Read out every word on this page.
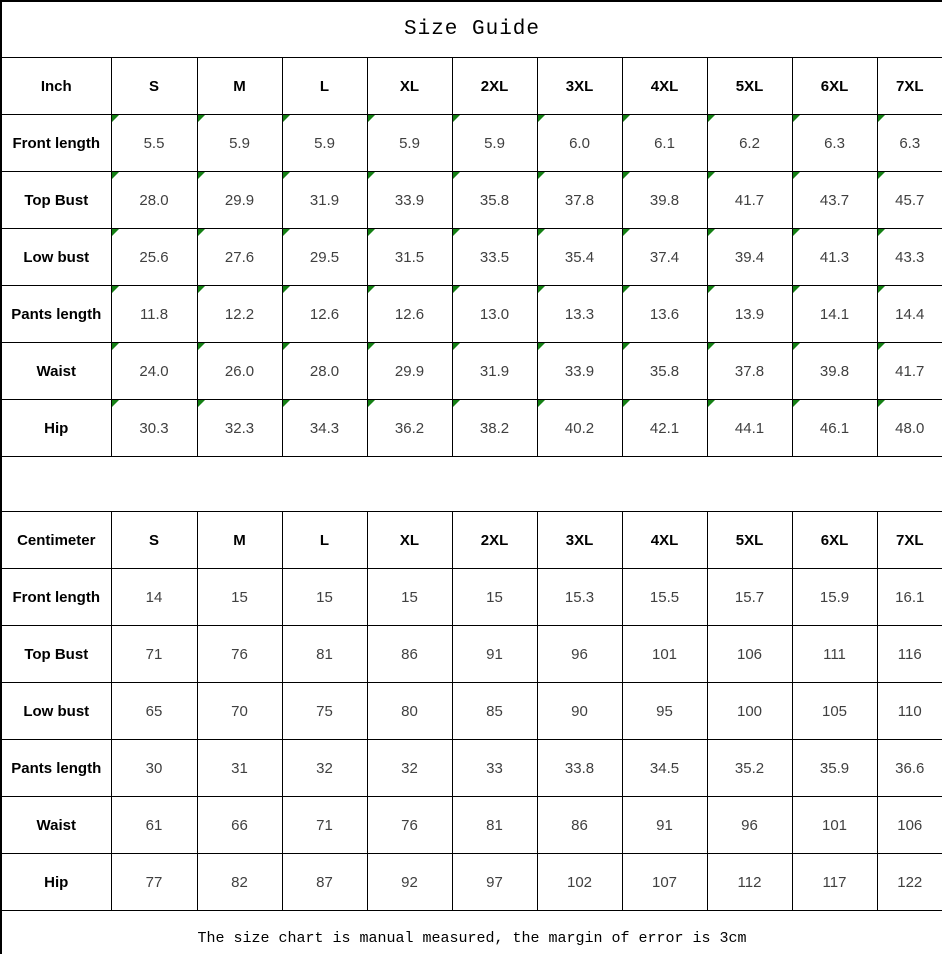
Size Guide										
Inch	S	M	L	XL	2XL	3XL	4XL	5XL	6XL	7XL
Front length	5.5	5.9	5.9	5.9	5.9	6.0	6.1	6.2	6.3	6.3
Top Bust	28.0	29.9	31.9	33.9	35.8	37.8	39.8	41.7	43.7	45.7
Low bust	25.6	27.6	29.5	31.5	33.5	35.4	37.4	39.4	41.3	43.3
Pants length	11.8	12.2	12.6	12.6	13.0	13.3	13.6	13.9	14.1	14.4
Waist	24.0	26.0	28.0	29.9	31.9	33.9	35.8	37.8	39.8	41.7
Hip	30.3	32.3	34.3	36.2	38.2	40.2	42.1	44.1	46.1	48.0

Centimeter	S	M	L	XL	2XL	3XL	4XL	5XL	6XL	7XL
Front length	14	15	15	15	15	15.3	15.5	15.7	15.9	16.1
Top Bust	71	76	81	86	91	96	101	106	111	116
Low bust	65	70	75	80	85	90	95	100	105	110
Pants length	30	31	32	32	33	33.8	34.5	35.2	35.9	36.6
Waist	61	66	71	76	81	86	91	96	101	106
Hip	77	82	87	92	97	102	107	112	117	122
The size chart is manual measured, the margin of error is 3cm										
